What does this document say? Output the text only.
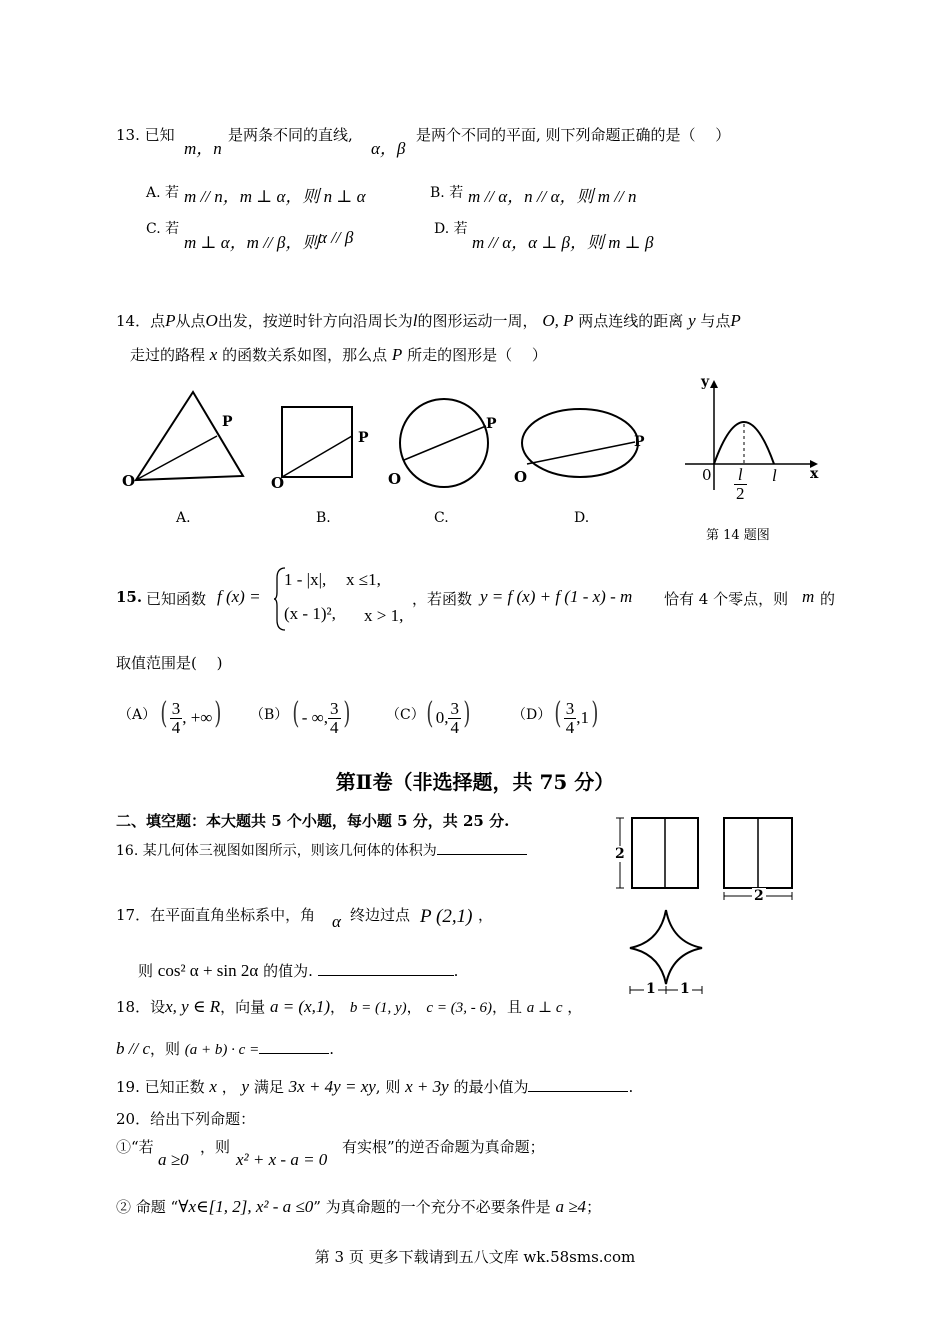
13. 已知
m，n
是两条不同的直线,
α，β
是两个不同的平面, 则下列命题正确的是（　 ）
A. 若 m // n，m ⊥ α，则 n ⊥ α	B. 若 m // α，n // α，则 m // n
C. 若
m ⊥ α，m // β，则
α // β	D. 若
m // α，α ⊥ β，则 m ⊥ β
14．点P从点O出发，按逆时针方向沿周长为l的图形运动一周， O, P 两点连线的距离 y 与点P
走过的路程 x 的函数关系如图，那么点 P 所走的图形是（　 ）
O
P
O
P
O
P
O
P
A.	B.	C.	D.
y
x
0	l
$\frac{l}{2}$
第 14 题图
15. 已知函数 f (x) =
1 - |x|, x ≤1,
(x - 1)², x > 1,
，若函数 y = f (x) + f (1 - x) - m 恰有 4 个零点，则 m 的
取值范围是(　 )
（A） ( $\frac{3}{4}$ , +∞) （B） ( - ∞, $\frac{3}{4}$ )	（C） ( 0, $\frac{3}{4}$ )	（D） ( $\frac{3}{4} ,1$)
第Ⅱ卷（非选择题，共 75 分）
二、填空题：本大题共 5 个小题，每小题 5 分，共 25 分.
16. 某几何体三视图如图所示，则该几何体的体积为	2
2
1 1
17．在平面直角坐标系中，角 α 终边过点 P (2,1) ，
则 cos² α + sin 2α 的值为.	.
18．设x, y ∈ R，向量 a = (x,1)， b = (1, y)， c = (3, - 6)，且 a ⊥ c ，
b // c，则 (a + b) · c =	.
19. 已知正数 x ， y 满足 3x + 4y = xy, 则 x + 3y 的最小值为	.
20．给出下列命题：
①“若
a ≥0
，则
x² + x - a = 0
有实根”的逆否命题为真命题；
② 命题 “∀x∈[1, 2], x² - a ≤0” 为真命题的一个充分不必要条件是 a ≥4；
第 3 页 更多下载请到五八文库 wk.58sms.com
